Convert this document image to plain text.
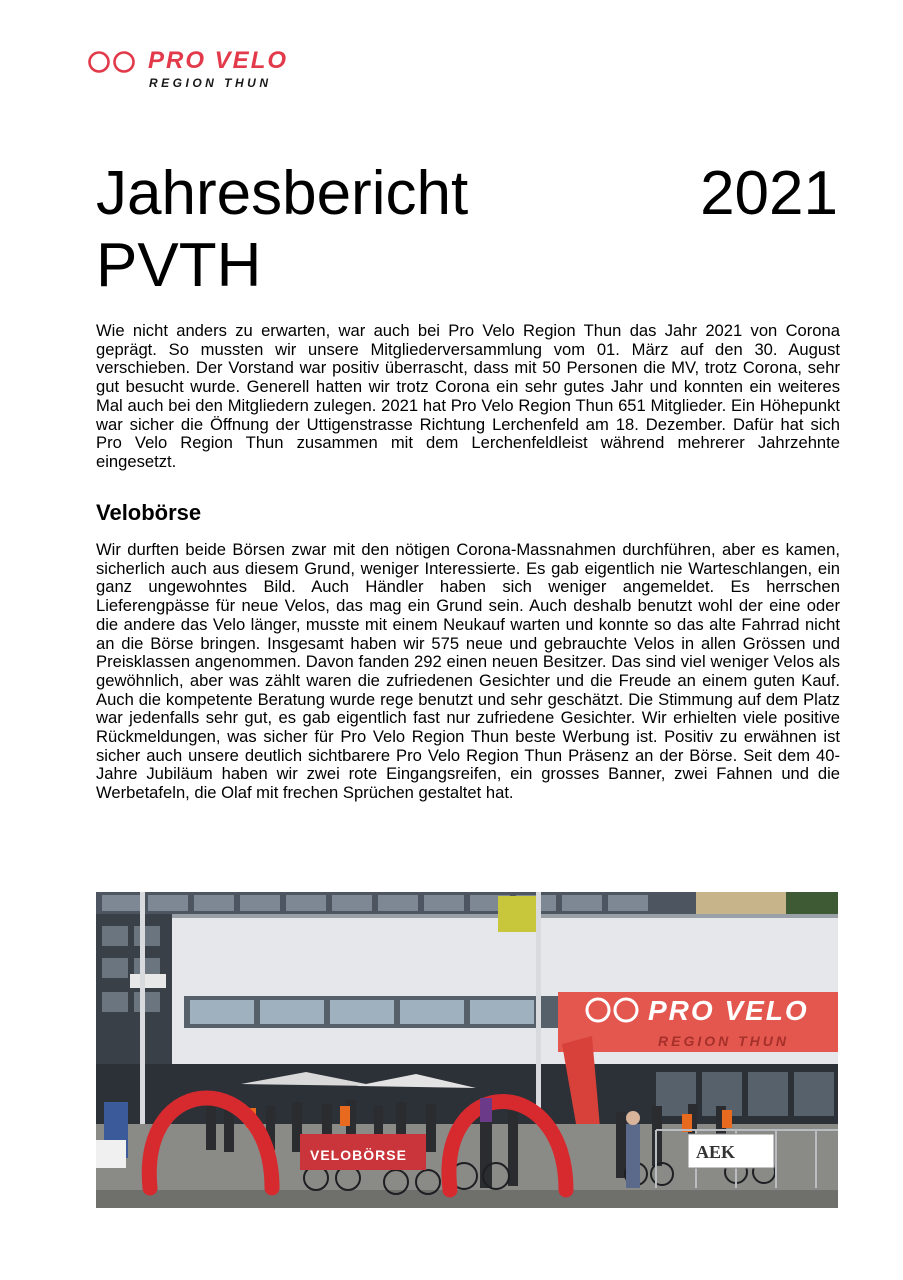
PRO VELO
REGION THUN
Jahresbericht	2021
PVTH

Wie nicht anders zu erwarten, war auch bei Pro Velo Region Thun das Jahr 2021 von Corona geprägt. So mussten wir unsere Mitgliederversammlung vom 01. März auf den 30. August verschieben. Der Vorstand war positiv überrascht, dass mit 50 Personen die MV, trotz Corona, sehr gut besucht wurde. Generell hatten wir trotz Corona ein sehr gutes Jahr und konnten ein weiteres Mal auch bei den Mitgliedern zulegen. 2021 hat Pro Velo Region Thun 651 Mitglieder. Ein Höhepunkt war sicher die Öffnung der Uttigenstrasse Richtung Lerchenfeld am 18. Dezember. Dafür hat sich Pro Velo Region Thun zusammen mit dem Lerchenfeldleist während mehrerer Jahrzehnte eingesetzt.

Velobörse

Wir durften beide Börsen zwar mit den nötigen Corona-Massnahmen durchführen, aber es kamen, sicherlich auch aus diesem Grund, weniger Interessierte. Es gab eigentlich nie Warteschlangen, ein ganz ungewohntes Bild. Auch Händler haben sich weniger angemeldet. Es herrschen Lieferengpässe für neue Velos, das mag ein Grund sein. Auch deshalb benutzt wohl der eine oder die andere das Velo länger, musste mit einem Neukauf warten und konnte so das alte Fahrrad nicht an die Börse bringen. Insgesamt haben wir 575 neue und gebrauchte Velos in allen Grössen und Preisklassen angenommen. Davon fanden 292 einen neuen Besitzer. Das sind viel weniger Velos als gewöhnlich, aber was zählt waren die zufriedenen Gesichter und die Freude an einem guten Kauf. Auch die kompetente Beratung wurde rege benutzt und sehr geschätzt. Die Stimmung auf dem Platz war jedenfalls sehr gut, es gab eigentlich fast nur zufriedene Gesichter. Wir erhielten viele positive Rückmeldungen, was sicher für Pro Velo Region Thun beste Werbung ist. Positiv zu erwähnen ist sicher auch unsere deutlich sichtbarere Pro Velo Region Thun Präsenz an der Börse. Seit dem 40-Jahre Jubiläum haben wir zwei rote Eingangsreifen, ein grosses Banner, zwei Fahnen und die Werbetafeln, die Olaf mit frechen Sprüchen gestaltet hat.

PRO VELO
REGION THUN
AEK
VELOBÖRSE
